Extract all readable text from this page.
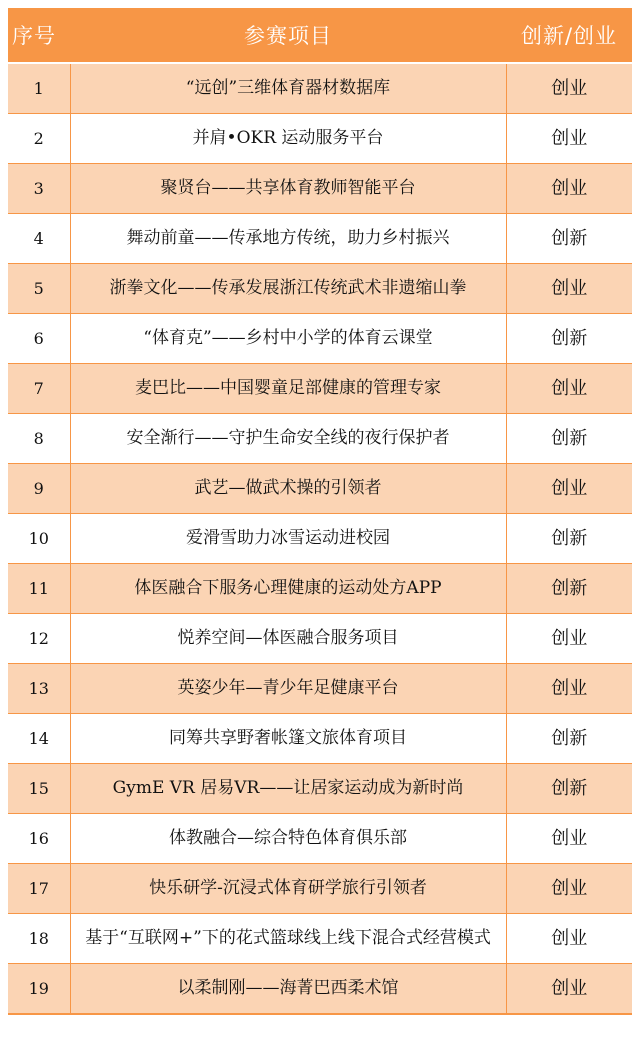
序号	参赛项目	创新/创业
1	“远创”三维体育器材数据库	创业
2	并肩•OKR 运动服务平台	创业
3	聚贤台——共享体育教师智能平台	创业
4	舞动前童——传承地方传统，助力乡村振兴	创新
5	浙拳文化——传承发展浙江传统武术非遗缩山拳	创业
6	“体育克”——乡村中小学的体育云课堂	创新
7	麦巴比——中国婴童足部健康的管理专家	创业
8	安全渐行——守护生命安全线的夜行保护者	创新
9	武艺—做武术操的引领者	创业
10	爱滑雪助力冰雪运动进校园	创新
11	体医融合下服务心理健康的运动处方APP	创新
12	悦养空间—体医融合服务项目	创业
13	英姿少年—青少年足健康平台	创业
14	同筹共享野奢帐篷文旅体育项目	创新
15	GymE VR 居易VR——让居家运动成为新时尚	创新
16	体教融合—综合特色体育俱乐部	创业
17	快乐研学-沉浸式体育研学旅行引领者	创业
18	基于“互联网+”下的花式篮球线上线下混合式经营模式	创业
19	以柔制刚——海菁巴西柔术馆	创业
